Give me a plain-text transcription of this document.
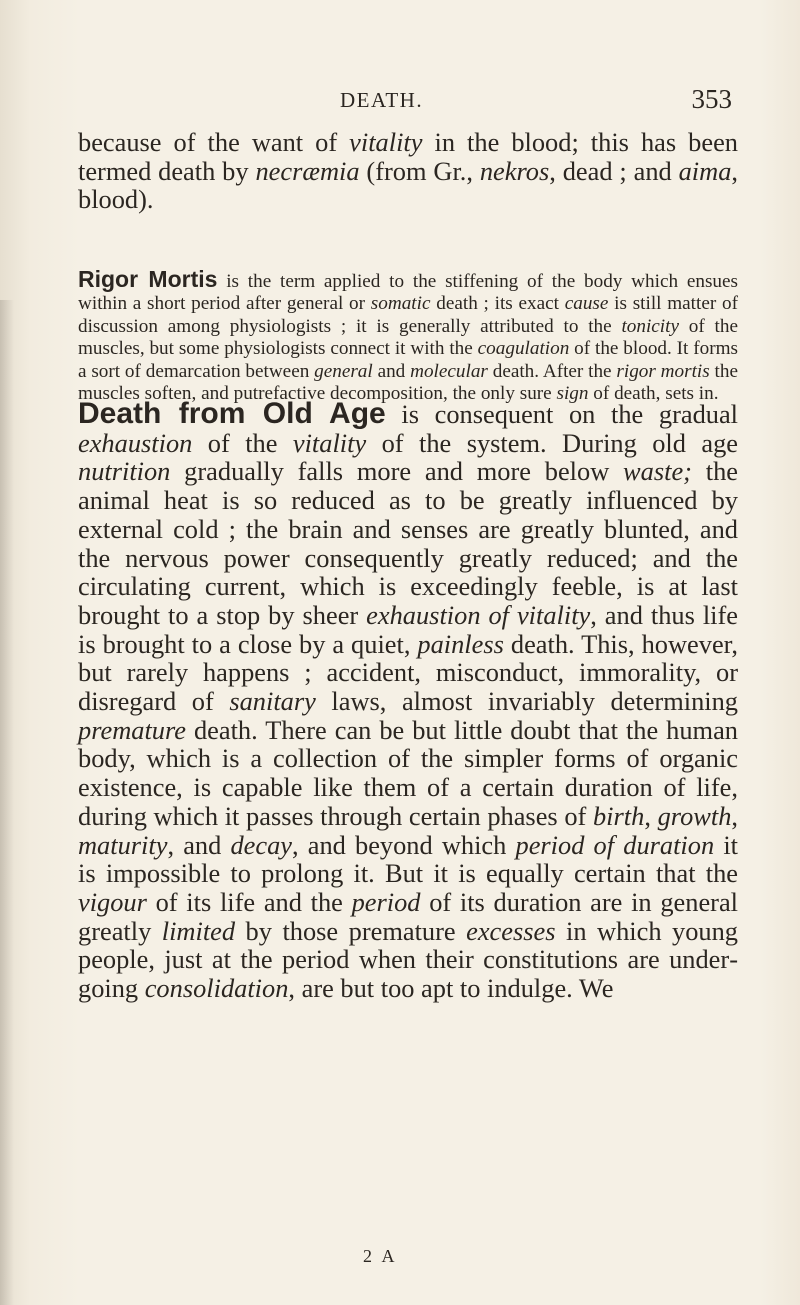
DEATH.	353

because of the want of vitality in the blood; this has been termed death by necræmia (from Gr., nekros, dead ; and aima, blood).

Rigor Mortis is the term applied to the stiffening of the body which ensues within a short period after general or somatic death ; its exact cause is still matter of discussion among physiologists ; it is generally attributed to the tonicity of the muscles, but some physiologists connect it with the coagulation of the blood. It forms a sort of demarcation between general and molecular death. After the rigor mortis the muscles soften, and putrefactive decomposition, the only sure sign of death, sets in.

Death from Old Age is consequent on the gradual exhaustion of the vitality of the system. During old age nutrition gradually falls more and more below waste; the animal heat is so reduced as to be greatly influenced by external cold ; the brain and senses are greatly blunted, and the nervous power consequently greatly reduced; and the circulating current, which is exceedingly feeble, is at last brought to a stop by sheer exhaustion of vitality, and thus life is brought to a close by a quiet, painless death. This, however, but rarely happens ; accident, misconduct, immorality, or disregard of sanitary laws, almost invariably determining premature death. There can be but little doubt that the human body, which is a collection of the simpler forms of organic existence, is capable like them of a certain duration of life, during which it passes through certain phases of birth, growth, maturity, and decay, and beyond which period of duration it is impossible to prolong it. But it is equally certain that the vigour of its life and the period of its duration are in general greatly limited by those premature excesses in which young people, just at the period when their constitutions are undergoing consolidation, are but too apt to indulge. We

2 A
